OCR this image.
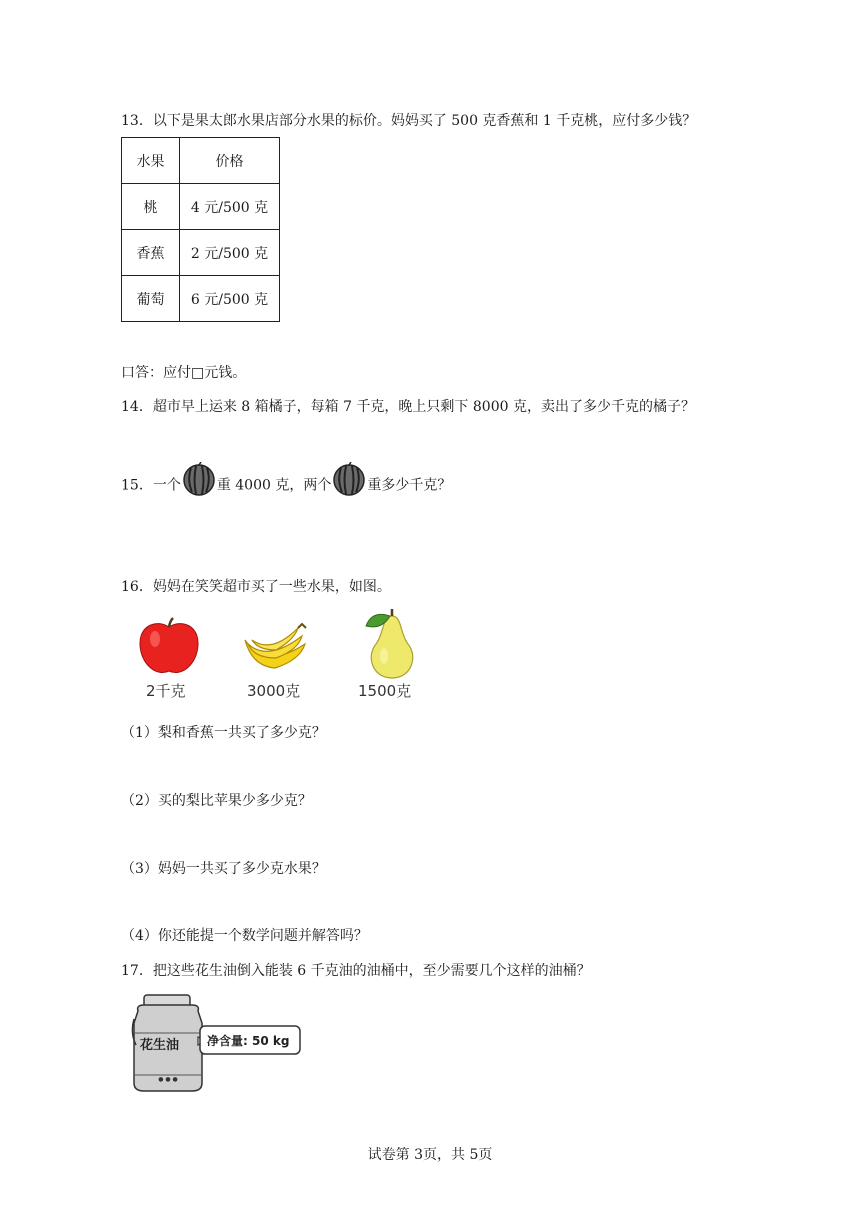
13．以下是果太郎水果店部分水果的标价。妈妈买了 500 克香蕉和 1 千克桃，应付多少钱？
水果	价格
桃	4 元/500 克
香蕉	2 元/500 克
葡萄	6 元/500 克
口答：应付□元钱。
14．超市早上运来 8 箱橘子，每箱 7 千克，晚上只剩下 8000 克，卖出了多少千克的橘子？
15．一个	重 4000 克，两个	重多少千克？
16．妈妈在笑笑超市买了一些水果，如图。
2千克	3000克	1500克
（1）梨和香蕉一共买了多少克？
（2）买的梨比苹果少多少克？
（3）妈妈一共买了多少克水果？
（4）你还能提一个数学问题并解答吗？
17．把这些花生油倒入能装 6 千克油的油桶中，至少需要几个这样的油桶？
● ● ●
花生油 净含量: 50 kg
试卷第 3页，共 5页
